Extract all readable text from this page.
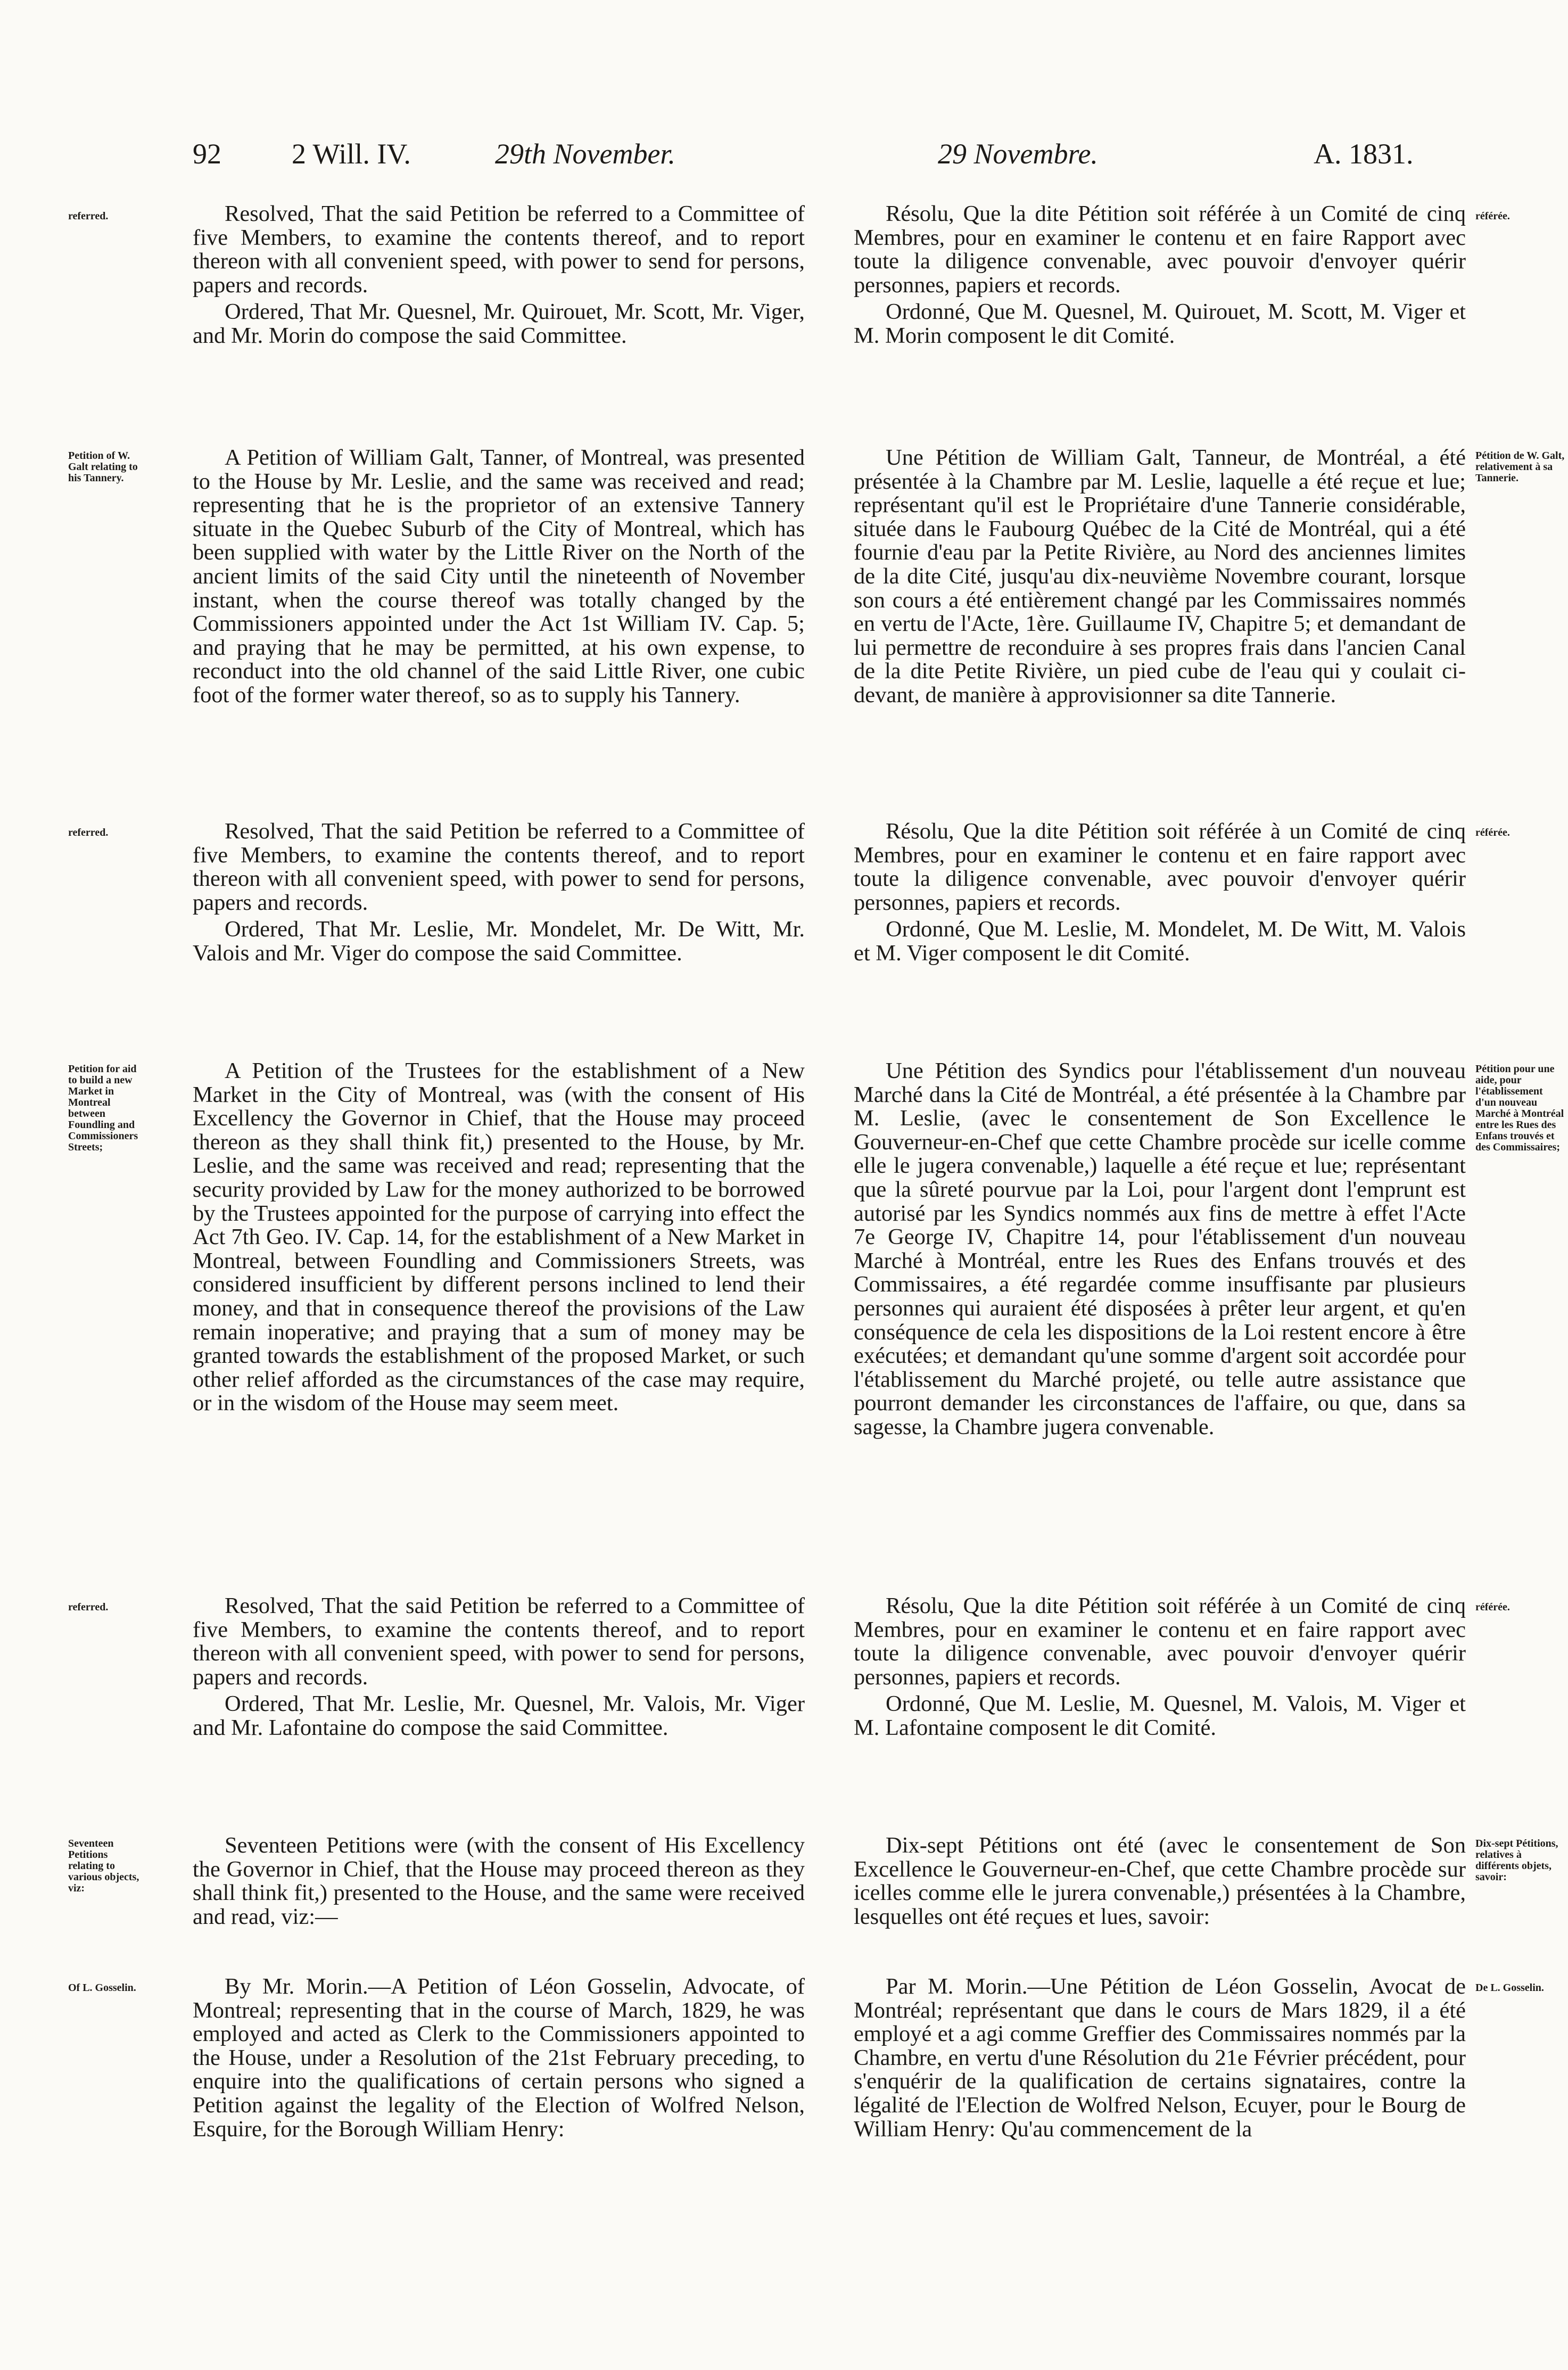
92 2 Will. IV.	29th November.	29 Novembre.	A. 1831.
referred.	référée.

Resolved, That the said Petition be referred to a Committee of five Members, to examine the contents thereof, and to report thereon with all convenient speed, with power to send for persons, papers and records.

Ordered, That Mr. Quesnel, Mr. Quirouet, Mr. Scott, Mr. Viger, and Mr. Morin do compose the said Committee.

Résolu, Que la dite Pétition soit référée à un Comité de cinq Membres, pour en examiner le contenu et en faire Rapport avec toute la diligence convenable, avec pouvoir d'envoyer quérir personnes, papiers et records.

Ordonné, Que M. Quesnel, M. Quirouet, M. Scott, M. Viger et M. Morin composent le dit Comité.

Petition of W. Galt relating to his Tannery.
Pétition de W. Galt, relativement à sa Tannerie.

A Petition of William Galt, Tanner, of Montreal, was presented to the House by Mr. Leslie, and the same was received and read; representing that he is the proprietor of an extensive Tannery situate in the Quebec Suburb of the City of Montreal, which has been supplied with water by the Little River on the North of the ancient limits of the said City until the nineteenth of November instant, when the course thereof was totally changed by the Commissioners appointed under the Act 1st William IV. Cap. 5; and praying that he may be permitted, at his own expense, to reconduct into the old channel of the said Little River, one cubic foot of the former water thereof, so as to supply his Tannery.

Une Pétition de William Galt, Tanneur, de Montréal, a été présentée à la Chambre par M. Leslie, laquelle a été reçue et lue; représentant qu'il est le Propriétaire d'une Tannerie considérable, située dans le Faubourg Québec de la Cité de Montréal, qui a été fournie d'eau par la Petite Rivière, au Nord des anciennes limites de la dite Cité, jusqu'au dix-neuvième Novembre courant, lorsque son cours a été entièrement changé par les Commissaires nommés en vertu de l'Acte, 1ère. Guillaume IV, Chapitre 5; et demandant de lui permettre de reconduire à ses propres frais dans l'ancien Canal de la dite Petite Rivière, un pied cube de l'eau qui y coulait ci-devant, de manière à approvisionner sa dite Tannerie.

referred.	référée.

Resolved, That the said Petition be referred to a Committee of five Members, to examine the contents thereof, and to report thereon with all convenient speed, with power to send for persons, papers and records.

Ordered, That Mr. Leslie, Mr. Mondelet, Mr. De Witt, Mr. Valois and Mr. Viger do compose the said Committee.

Résolu, Que la dite Pétition soit référée à un Comité de cinq Membres, pour en examiner le contenu et en faire rapport avec toute la diligence convenable, avec pouvoir d'envoyer quérir personnes, papiers et records.

Ordonné, Que M. Leslie, M. Mondelet, M. De Witt, M. Valois et M. Viger composent le dit Comité.

Petition for aid to build a new Market in Montreal between Foundling and Commissioners Streets;
Pétition pour une aide, pour l'établissement d'un nouveau Marché à Montréal entre les Rues des Enfans trouvés et des Commissaires;

A Petition of the Trustees for the establishment of a New Market in the City of Montreal, was (with the consent of His Excellency the Governor in Chief, that the House may proceed thereon as they shall think fit,) presented to the House, by Mr. Leslie, and the same was received and read; representing that the security provided by Law for the money authorized to be borrowed by the Trustees appointed for the purpose of carrying into effect the Act 7th Geo. IV. Cap. 14, for the establishment of a New Market in Montreal, between Foundling and Commissioners Streets, was considered insufficient by different persons inclined to lend their money, and that in consequence thereof the provisions of the Law remain inoperative; and praying that a sum of money may be granted towards the establishment of the proposed Market, or such other relief afforded as the circumstances of the case may require, or in the wisdom of the House may seem meet.

Une Pétition des Syndics pour l'établissement d'un nouveau Marché dans la Cité de Montréal, a été présentée à la Chambre par M. Leslie, (avec le consentement de Son Excellence le Gouverneur-en-Chef que cette Chambre procède sur icelle comme elle le jugera convenable,) laquelle a été reçue et lue; représentant que la sûreté pourvue par la Loi, pour l'argent dont l'emprunt est autorisé par les Syndics nommés aux fins de mettre à effet l'Acte 7e George IV, Chapitre 14, pour l'établissement d'un nouveau Marché à Montréal, entre les Rues des Enfans trouvés et des Commissaires, a été regardée comme insuffisante par plusieurs personnes qui auraient été disposées à prêter leur argent, et qu'en conséquence de cela les dispositions de la Loi restent encore à être exécutées; et demandant qu'une somme d'argent soit accordée pour l'établissement du Marché projeté, ou telle autre assistance que pourront demander les circonstances de l'affaire, ou que, dans sa sagesse, la Chambre jugera convenable.

referred.	référée.

Resolved, That the said Petition be referred to a Committee of five Members, to examine the contents thereof, and to report thereon with all convenient speed, with power to send for persons, papers and records.

Ordered, That Mr. Leslie, Mr. Quesnel, Mr. Valois, Mr. Viger and Mr. Lafontaine do compose the said Committee.

Résolu, Que la dite Pétition soit référée à un Comité de cinq Membres, pour en examiner le contenu et en faire rapport avec toute la diligence convenable, avec pouvoir d'envoyer quérir personnes, papiers et records.

Ordonné, Que M. Leslie, M. Quesnel, M. Valois, M. Viger et M. Lafontaine composent le dit Comité.

Seventeen Petitions relating to various objects, viz:
Dix-sept Pétitions, relatives à différents objets, savoir:

Seventeen Petitions were (with the consent of His Excellency the Governor in Chief, that the House may proceed thereon as they shall think fit,) presented to the House, and the same were received and read, viz:—

Dix-sept Pétitions ont été (avec le consentement de Son Excellence le Gouverneur-en-Chef, que cette Chambre procède sur icelles comme elle le jurera convenable,) présentées à la Chambre, lesquelles ont été reçues et lues, savoir:

Of L. Gosselin.	De L. Gosselin.

By Mr. Morin.—A Petition of Léon Gosselin, Advocate, of Montreal; representing that in the course of March, 1829, he was employed and acted as Clerk to the Commissioners appointed to the House, under a Resolution of the 21st February preceding, to enquire into the qualifications of certain persons who signed a Petition against the legality of the Election of Wolfred Nelson, Esquire, for the Borough William Henry:

Par M. Morin.—Une Pétition de Léon Gosselin, Avocat de Montréal; représentant que dans le cours de Mars 1829, il a été employé et a agi comme Greffier des Commissaires nommés par la Chambre, en vertu d'une Résolution du 21e Février précédent, pour s'enquérir de la qualification de certains signataires, contre la légalité de l'Election de Wolfred Nelson, Ecuyer, pour le Bourg de William Henry: Qu'au commencement de la
